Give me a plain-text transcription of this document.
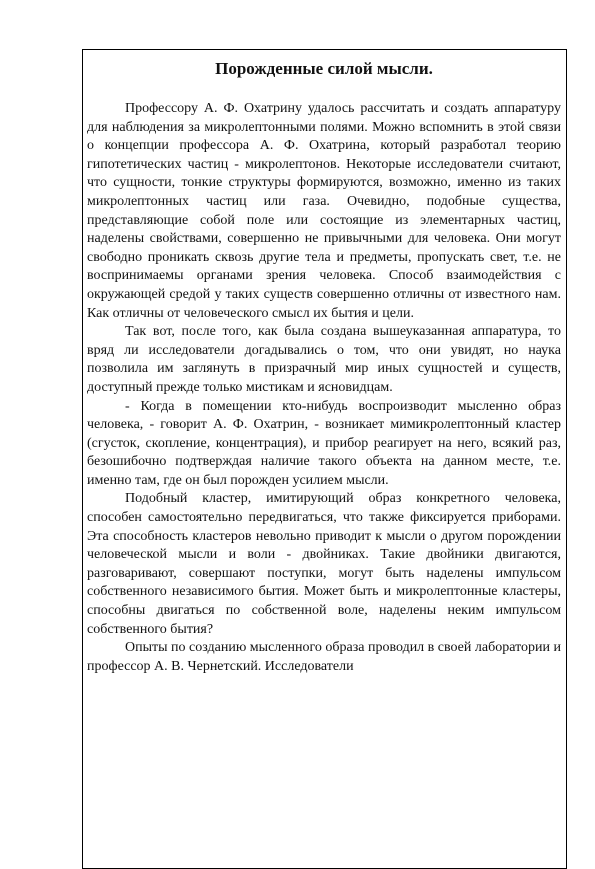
Порожденные силой мысли.

Профессору А. Ф. Охатрину удалось рассчитать и создать аппаратуру для наблюдения за микролептонными полями. Можно вспомнить в этой связи о концепции профессора А. Ф. Охатрина, который разработал теорию гипотетических частиц - микролептонов. Некоторые исследователи считают, что сущности, тонкие структуры формируются, возможно, именно из таких микролептонных частиц или газа. Очевидно, подобные существа, представляющие собой поле или состоящие из элементарных частиц, наделены свойствами, совершенно не привычными для человека. Они могут свободно проникать сквозь другие тела и предметы, пропускать свет, т.е. не воспринимаемы органами зрения человека. Способ взаимодействия с окружающей средой у таких существ совершенно отличны от известного нам. Как отличны от человеческого смысл их бытия и цели.

Так вот, после того, как была создана вышеуказанная аппаратура, то вряд ли исследователи догадывались о том, что они увидят, но наука позволила им заглянуть в призрачный мир иных сущностей и существ, доступный прежде только мистикам и ясновидцам.

- Когда в помещении кто-нибудь воспроизводит мысленно образ человека, - говорит А. Ф. Охатрин, - возникает мимикролептонный кластер (сгусток, скопление, концентрация), и прибор реагирует на него, всякий раз, безошибочно подтверждая наличие такого объекта на данном месте, т.е. именно там, где он был порожден усилием мысли.

Подобный кластер, имитирующий образ конкретного человека, способен самостоятельно передвигаться, что также фиксируется приборами. Эта способность кластеров невольно приводит к мысли о другом порождении человеческой мысли и воли - двойниках. Такие двойники двигаются, разговаривают, совершают поступки, могут быть наделены импульсом собственного независимого бытия. Может быть и микролептонные кластеры, способны двигаться по собственной воле, наделены неким импульсом собственного бытия?

Опыты по созданию мысленного образа проводил в своей лаборатории и профессор А. В. Чернетский. Исследователи
